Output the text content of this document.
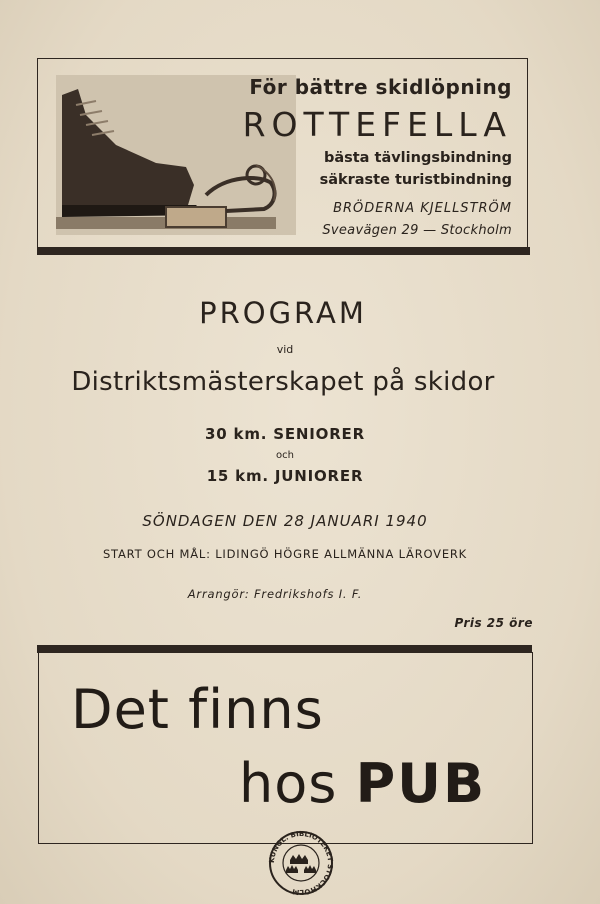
För bättre skidlöpning
ROTTEFELLA
bästa tävlingsbindning
säkraste turistbindning
BRÖDERNA KJELLSTRÖM
Sveavägen 29 — Stockholm
PROGRAM
vid
Distriktsmästerskapet på skidor
30 km. SENIORER
och
15 km. JUNIORER
SÖNDAGEN DEN 28 JANUARI 1940
START OCH MÅL: LIDINGÖ HÖGRE ALLMÄNNA LÄROVERK
Arrangör: Fredrikshofs I. F.
Pris 25 öre
Det finns
hos PUB
KUNGL. BIBLIOTEKET STOCKHOLM
